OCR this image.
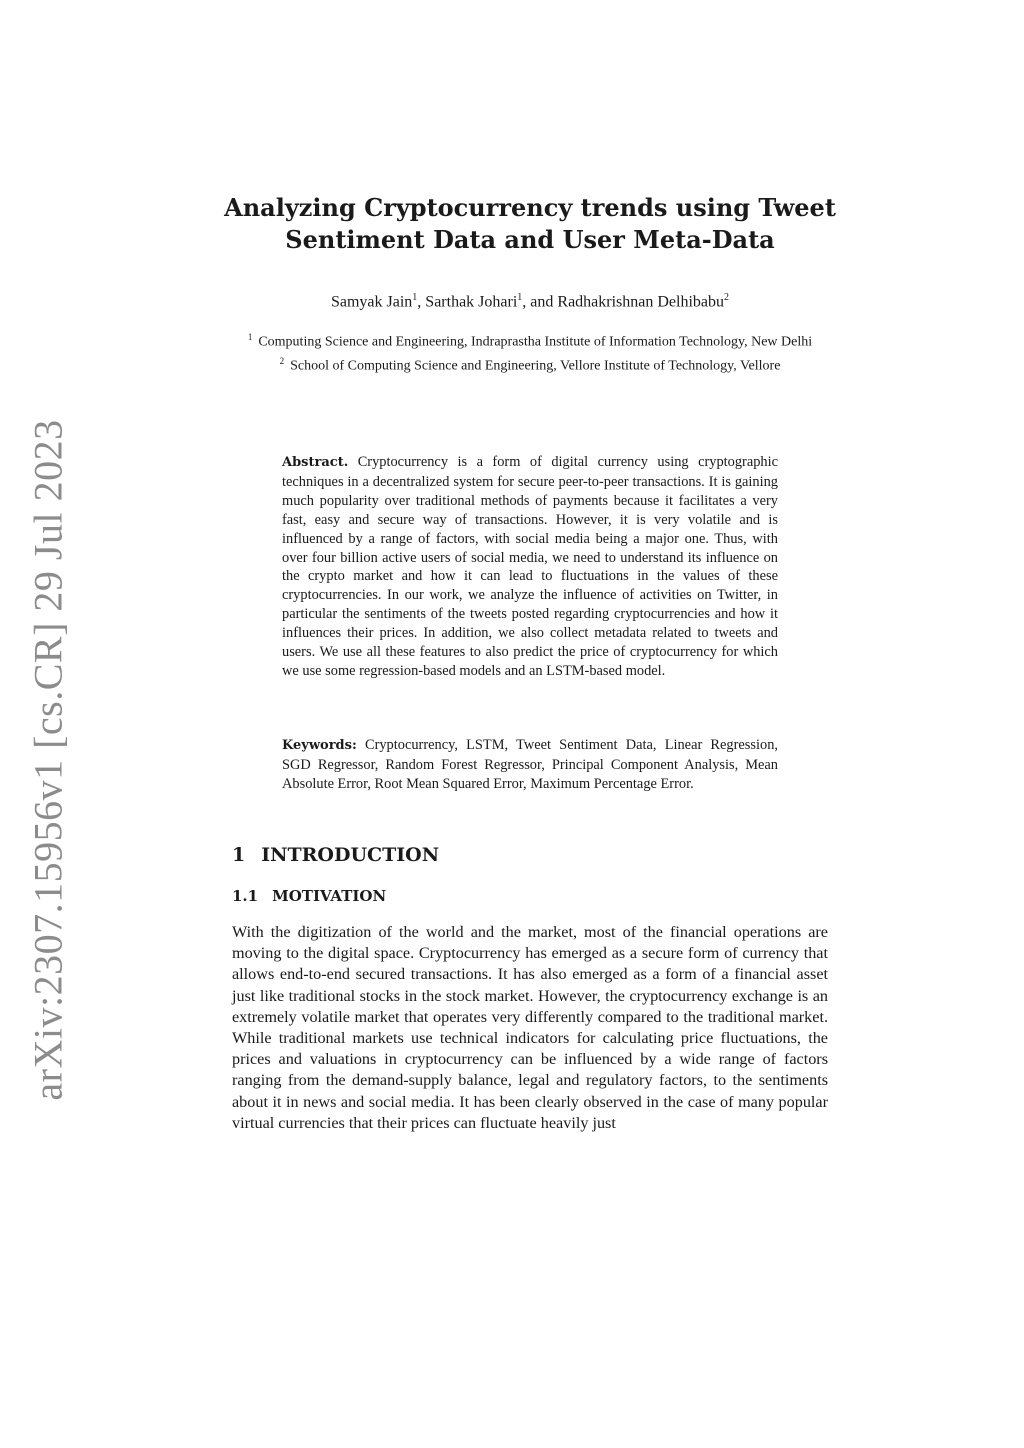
arXiv:2307.15956v1 [cs.CR] 29 Jul 2023
Analyzing Cryptocurrency trends using Tweet
Sentiment Data and User Meta-Data
Samyak Jain$^1$, Sarthak Johari$^1$, and Radhakrishnan Delhibabu$^2$
$^1$ Computing Science and Engineering, Indraprastha Institute of Information Technology, New Delhi
$^2$ School of Computing Science and Engineering, Vellore Institute of Technology, Vellore
Abstract. Cryptocurrency is a form of digital currency using cryptographic techniques in a decentralized system for secure peer-to-peer transactions. It is gaining much popularity over traditional methods of payments because it facilitates a very fast, easy and secure way of transactions. However, it is very volatile and is influenced by a range of factors, with social media being a major one. Thus, with over four billion active users of social media, we need to understand its influence on the crypto market and how it can lead to fluctuations in the values of these cryptocurrencies. In our work, we analyze the influence of activities on Twitter, in particular the sentiments of the tweets posted regarding cryptocurrencies and how it influences their prices. In addition, we also collect metadata related to tweets and users. We use all these features to also predict the price of cryptocurrency for which we use some regression-based models and an LSTM-based model.
Keywords: Cryptocurrency, LSTM, Tweet Sentiment Data, Linear Regression, SGD Regressor, Random Forest Regressor, Principal Component Analysis, Mean Absolute Error, Root Mean Squared Error, Maximum Percentage Error.
1 INTRODUCTION
1.1 MOTIVATION
With the digitization of the world and the market, most of the financial operations are moving to the digital space. Cryptocurrency has emerged as a secure form of currency that allows end-to-end secured transactions. It has also emerged as a form of a financial asset just like traditional stocks in the stock market. However, the cryptocurrency exchange is an extremely volatile market that operates very differently compared to the traditional market. While traditional markets use technical indicators for calculating price fluctuations, the prices and valuations in cryptocurrency can be influenced by a wide range of factors ranging from the demand-supply balance, legal and regulatory factors, to the sentiments about it in news and social media. It has been clearly observed in the case of many popular virtual currencies that their prices can fluctuate heavily just
